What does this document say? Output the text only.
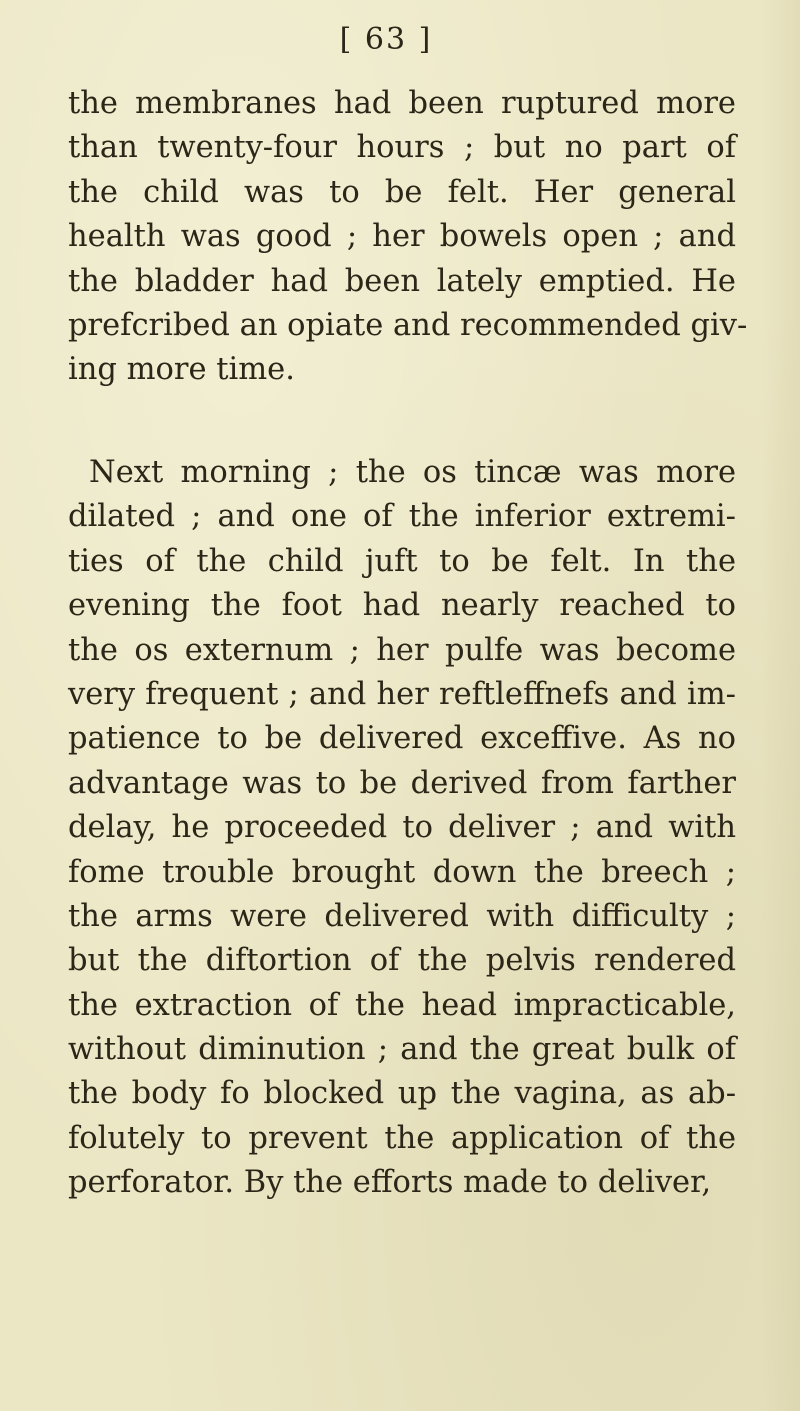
[ 63 ]
the membranes had been ruptured more
than twenty-four hours ; but no part of
the child was to be felt. Her general
health was good ; her bowels open ; and
the bladder had been lately emptied. He
prefcribed an opiate and recommended giv-
ing more time.
Next morning ; the os tincæ was more
dilated ; and one of the inferior extremi-
ties of the child juft to be felt. In the
evening the foot had nearly reached to
the os externum ; her pulfe was become
very frequent ; and her reftleffnefs and im-
patience to be delivered exceffive. As no
advantage was to be derived from farther
delay, he proceeded to deliver ; and with
fome trouble brought down the breech ;
the arms were delivered with difficulty ;
but the diftortion of the pelvis rendered
the extraction of the head impracticable,
without diminution ; and the great bulk of
the body fo blocked up the vagina, as ab-
folutely to prevent the application of the
perforator. By the efforts made to deliver,
